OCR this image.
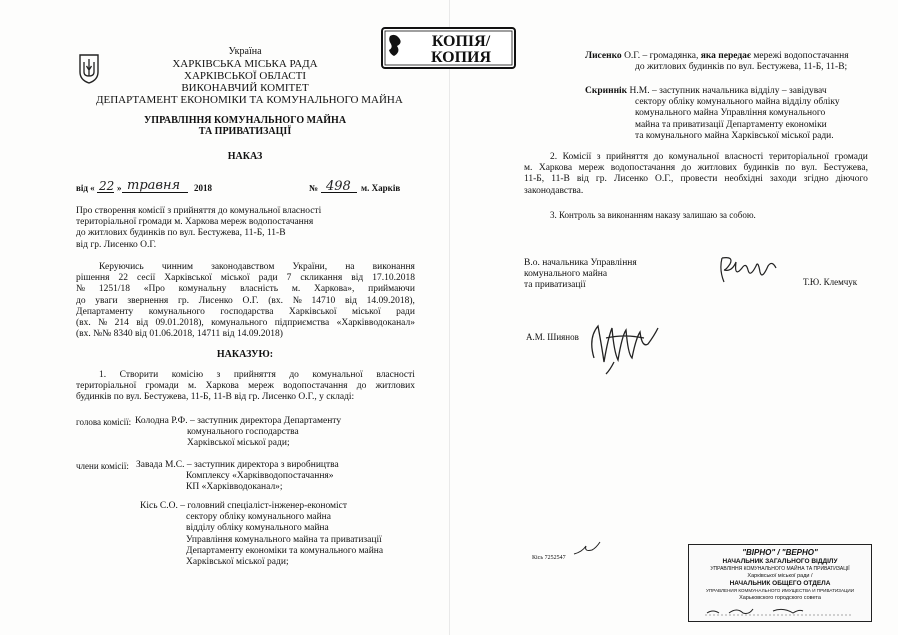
Україна
ХАРКІВСЬКА МІСЬКА РАДА
ХАРКІВСЬКОЇ ОБЛАСТІ
ВИКОНАВЧИЙ КОМІТЕТ
ДЕПАРТАМЕНТ ЕКОНОМІКИ ТА КОМУНАЛЬНОГО МАЙНА
КОПІЯ/
КОПИЯ
УПРАВЛІННЯ КОМУНАЛЬНОГО МАЙНА
ТА ПРИВАТИЗАЦІЇ
НАКАЗ
від « 22 » травня 2018	№ 498 м. Харків
Про створення комісії з прийняття до комунальної власності
територіальної громади м. Харкова мереж водопостачання
до житлових будинків по вул. Бестужева, 11-Б, 11-В
від гр. Лисенко О.Г.
Керуючись чинним законодавством України, на виконання
рішення 22 сесії Харківської міської ради 7 скликання від 17.10.2018
№ 1251/18 «Про комунальну власність м. Харкова», приймаючи
до уваги звернення гр. Лисенко О.Г. (вх. № 14710 від 14.09.2018),
Департаменту комунального господарства Харківської міської ради
(вх. № 214 від 09.01.2018), комунального підприємства «Харківводоканал»
(вх. №№ 8340 від 01.06.2018, 14711 від 14.09.2018)
НАКАЗУЮ:
1. Створити комісію з прийняття до комунальної власності
територіальної громади м. Харкова мереж водопостачання до житлових
будинків по вул. Бестужева, 11-Б, 11-В від гр. Лисенко О.Г., у складі:
голова комісії: Колодна Р.Ф. – заступник директора Департаменту
комунального господарства
Харківської міської ради;
члени комісії: Завада М.С. – заступник директора з виробництва
Комплексу «Харківводопостачання»
КП «Харківводоканал»;
Кісь С.О. – головний спеціаліст-інженер-економіст
сектору обліку комунального майна
відділу обліку комунального майна
Управління комунального майна та приватизації
Департаменту економіки та комунального майна
Харківської міської ради;
Лисенко О.Г. – громадянка, яка передає мережі водопостачання
до житлових будинків по вул. Бестужева, 11-Б, 11-В;
Скриннік Н.М. – заступник начальника відділу – завідувач
сектору обліку комунального майна відділу обліку
комунального майна Управління комунального
майна та приватизації Департаменту економіки
та комунального майна Харківської міської ради.
2. Комісії з прийняття до комунальної власності територіальної громади
м. Харкова мереж водопостачання до житлових будинків по вул. Бестужева,
11-Б, 11-В від гр. Лисенко О.Г., провести необхідні заходи згідно діючого
законодавства.
3. Контроль за виконанням наказу залишаю за собою.
В.о. начальника Управління
комунального майна
та приватизації	Т.Ю. Клемчук
А.М. Шиянов
Кісь 7252547
"ВІРНО" / "ВЕРНО"
НАЧАЛЬНИК ЗАГАЛЬНОГО ВІДДІЛУ
УПРАВЛІННЯ КОМУНАЛЬНОГО МАЙНА ТА ПРИВАТИЗАЦІЇ
Харківської міської ради /
НАЧАЛЬНИК ОБЩЕГО ОТДЕЛА
УПРАВЛЕНИЯ КОММУНАЛЬНОГО ИМУЩЕСТВА И ПРИВАТИЗАЦИИ
Харьковского городского совета
